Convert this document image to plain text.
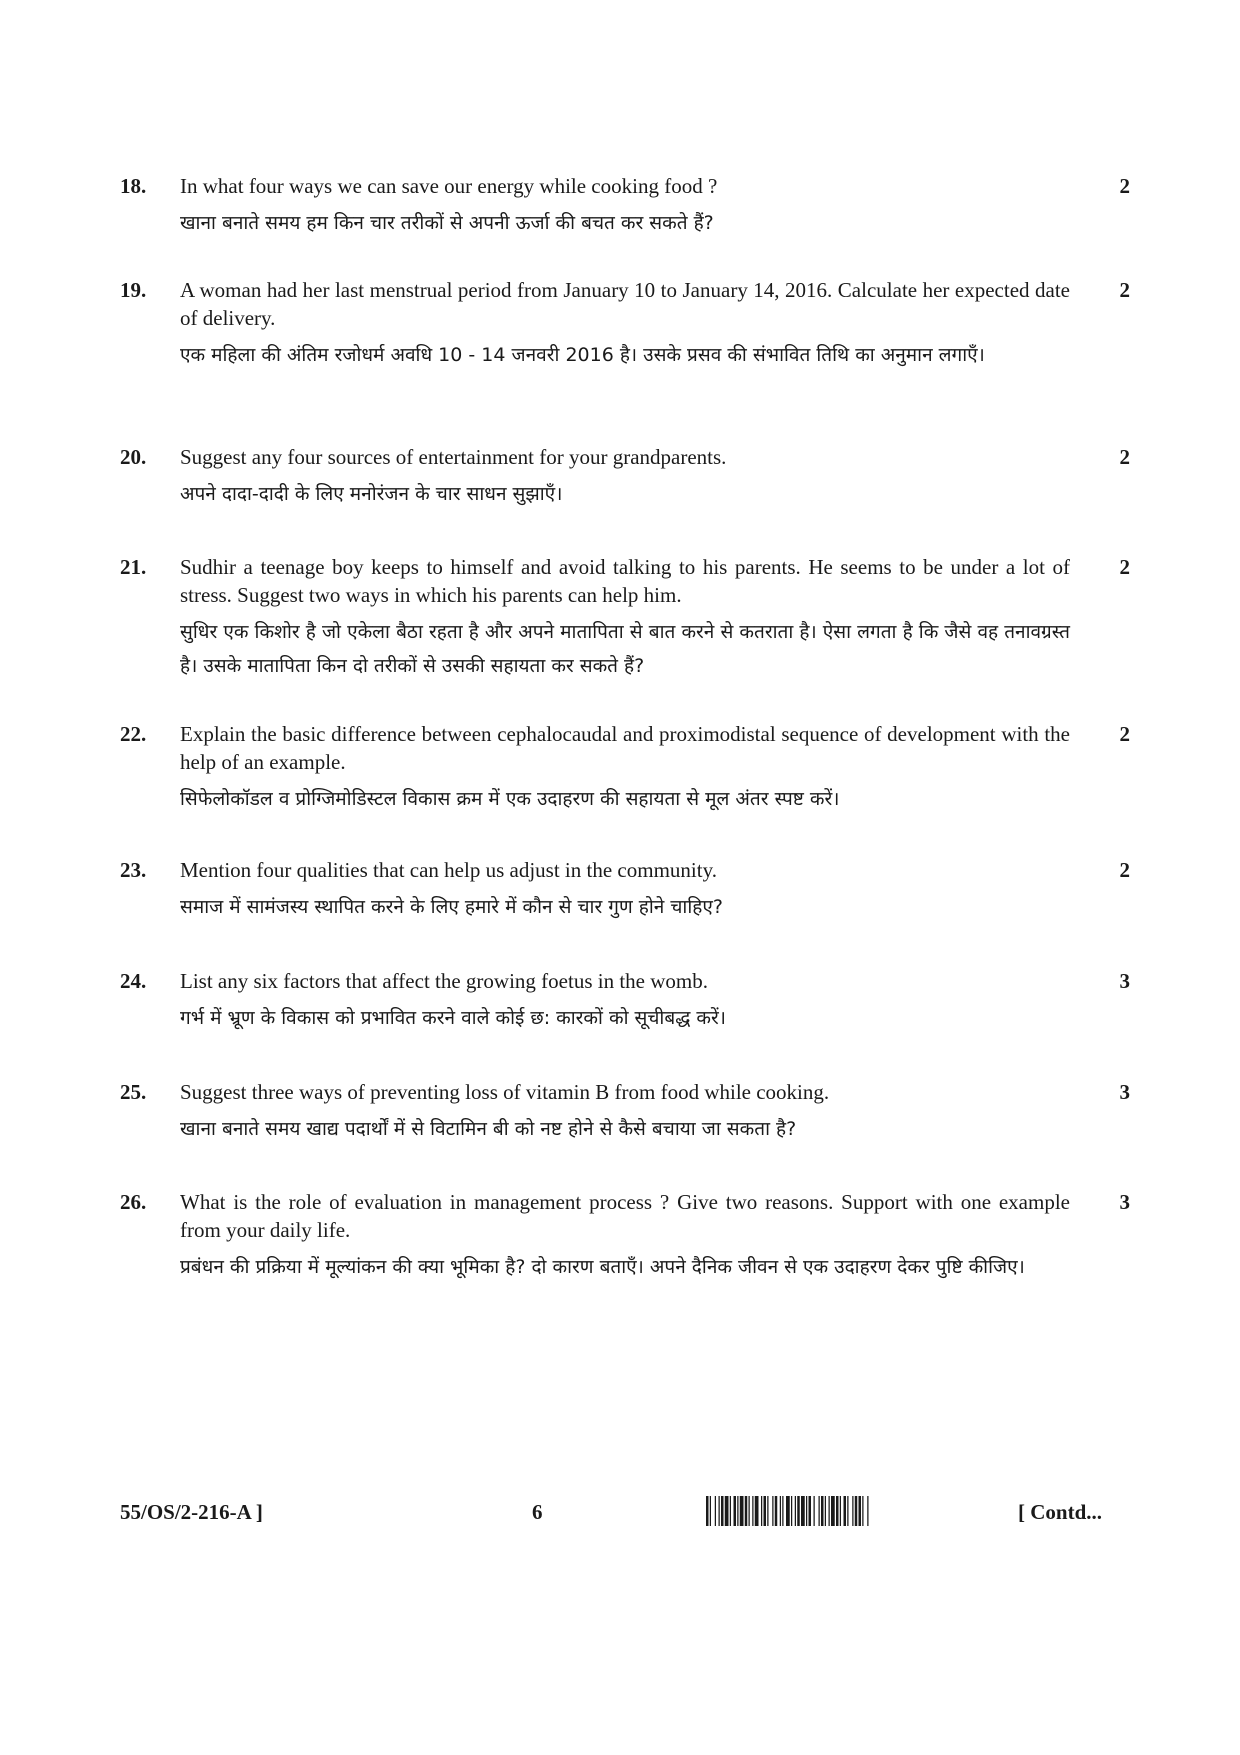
18. In what four ways we can save our energy while cooking food ?
खाना बनाते समय हम किन चार तरीकों से अपनी ऊर्जा की बचत कर सकते हैं?
2
19. A woman had her last menstrual period from January 10 to January 14, 2016. Calculate her expected date of delivery.
एक महिला की अंतिम रजोधर्म अवधि 10 - 14 जनवरी 2016 है। उसके प्रसव की संभावित तिथि का अनुमान लगाएँ।
2
20. Suggest any four sources of entertainment for your grandparents.
अपने दादा-दादी के लिए मनोरंजन के चार साधन सुझाएँ।
2
21. Sudhir a teenage boy keeps to himself and avoid talking to his parents. He seems to be under a lot of stress. Suggest two ways in which his parents can help him.
सुधिर एक किशोर है जो एकेला बैठा रहता है और अपने मातापिता से बात करने से कतराता है। ऐसा लगता है कि जैसे वह तनावग्रस्त है। उसके मातापिता किन दो तरीकों से उसकी सहायता कर सकते हैं?
2
22. Explain the basic difference between cephalocaudal and proximodistal sequence of development with the help of an example.
सिफेलोकॉडल व प्रोग्जिमोडिस्टल विकास क्रम में एक उदाहरण की सहायता से मूल अंतर स्पष्ट करें।
2
23. Mention four qualities that can help us adjust in the community.
समाज में सामंजस्य स्थापित करने के लिए हमारे में कौन से चार गुण होने चाहिए?
2
24. List any six factors that affect the growing foetus in the womb.
गर्भ में भ्रूण के विकास को प्रभावित करने वाले कोई छ: कारकों को सूचीबद्ध करें।
3
25. Suggest three ways of preventing loss of vitamin B from food while cooking.
खाना बनाते समय खाद्य पदार्थों में से विटामिन बी को नष्ट होने से कैसे बचाया जा सकता है?
3
26. What is the role of evaluation in management process ? Give two reasons. Support with one example from your daily life.
प्रबंधन की प्रक्रिया में मूल्यांकन की क्या भूमिका है? दो कारण बताएँ। अपने दैनिक जीवन से एक उदाहरण देकर पुष्टि कीजिए।
3
55/OS/2-216-A ]	6	[ Contd...
